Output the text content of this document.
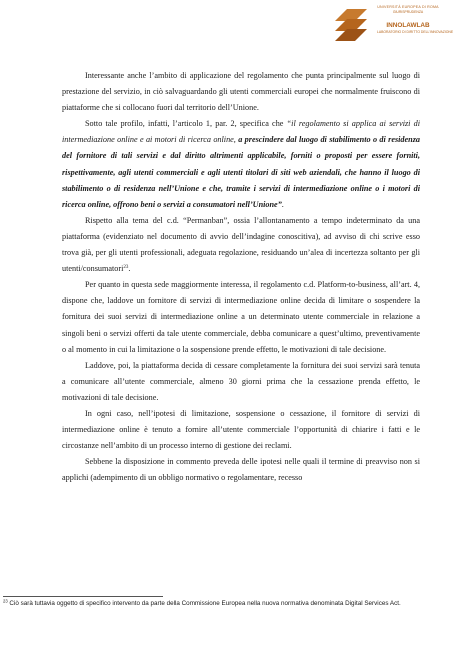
UNIVERSITÀ EUROPEA DI ROMA
GIURISPRUDENZA
INNOLAWLAB
LABORATORIO DI DIRITTO DELL'INNOVAZIONE

Interessante anche l’ambito di applicazione del regolamento che punta principalmente sul luogo di prestazione del servizio, in ciò salvaguardando gli utenti commerciali europei che normalmente fruiscono di piattaforme che si collocano fuori dal territorio dell’Unione.

Sotto tale profilo, infatti, l’articolo 1, par. 2, specifica che “il regolamento si applica ai servizi di intermediazione online e ai motori di ricerca online, a prescindere dal luogo di stabilimento o di residenza del fornitore di tali servizi e dal diritto altrimenti applicabile, forniti o proposti per essere forniti, rispettivamente, agli utenti commerciali e agli utenti titolari di siti web aziendali, che hanno il luogo di stabilimento o di residenza nell’Unione e che, tramite i servizi di intermediazione online o i motori di ricerca online, offrono beni o servizi a consumatori nell’Unione”.

Rispetto alla tema del c.d. “Permanban”, ossia l’allontanamento a tempo indeterminato da una piattaforma (evidenziato nel documento di avvio dell’indagine conoscitiva), ad avviso di chi scrive esso trova già, per gli utenti professionali, adeguata regolazione, residuando un’alea di incertezza soltanto per gli utenti/consumatori$^{23}$.

Per quanto in questa sede maggiormente interessa, il regolamento c.d. Platform-to-business, all’art. 4, dispone che, laddove un fornitore di servizi di intermediazione online decida di limitare o sospendere la fornitura dei suoi servizi di intermediazione online a un determinato utente commerciale in relazione a singoli beni o servizi offerti da tale utente commerciale, debba comunicare a quest’ultimo, preventivamente o al momento in cui la limitazione o la sospensione prende effetto, le motivazioni di tale decisione.

Laddove, poi, la piattaforma decida di cessare completamente la fornitura dei suoi servizi sarà tenuta a comunicare all’utente commerciale, almeno 30 giorni prima che la cessazione prenda effetto, le motivazioni di tale decisione.

In ogni caso, nell’ipotesi di limitazione, sospensione o cessazione, il fornitore di servizi di intermediazione online è tenuto a fornire all’utente commerciale l’opportunità di chiarire i fatti e le circostanze nell’ambito di un processo interno di gestione dei reclami.

Sebbene la disposizione in commento preveda delle ipotesi nelle quali il termine di preavviso non si applichi (adempimento di un obbligo normativo o regolamentare, recesso

$^{23}$ Ciò sarà tuttavia oggetto di specifico intervento da parte della Commissione Europea nella nuova normativa denominata Digital Services Act.
